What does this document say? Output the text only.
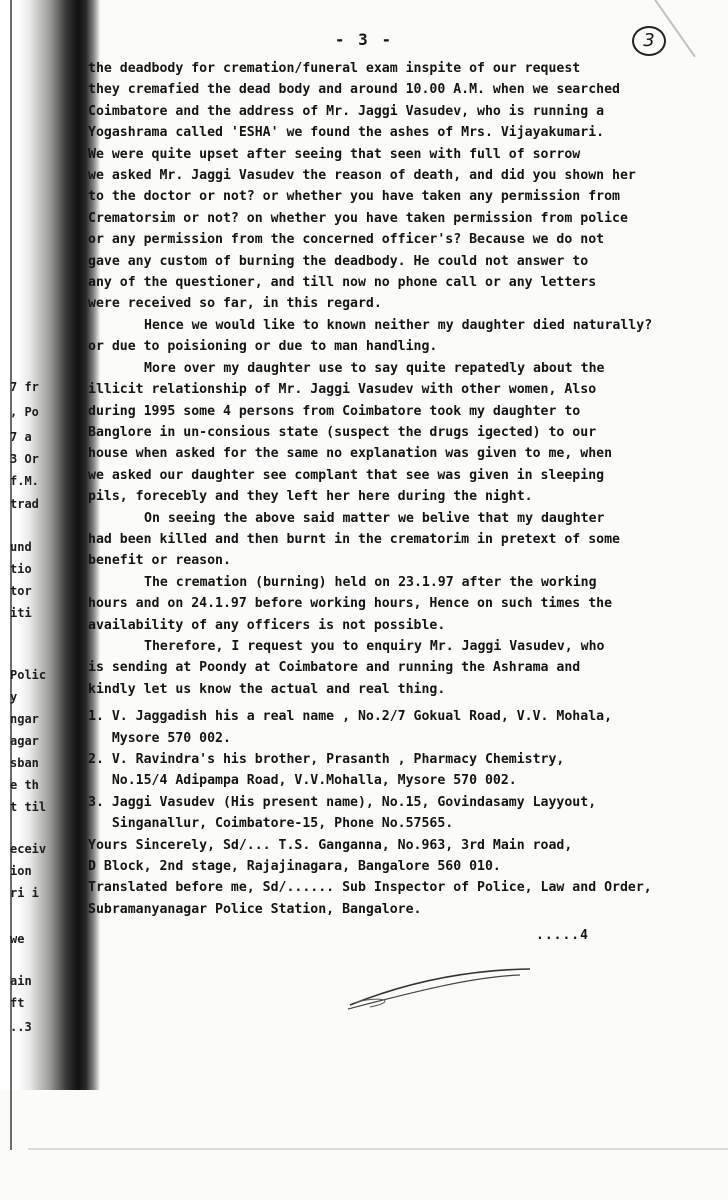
7 fr
, Po
7 a
3 Or
f.M.
trad
und
tio
tor
iti
Polic
y
ngar
agar
sban
e th
t til
eceiv
ion
ri i
we
ain
ft
..3
- 3 -	3

the deadbody for cremation/funeral exam inspite of our request

they cremafied the dead body and around 10.00 A.M. when we searched

Coimbatore and the address of Mr. Jaggi Vasudev, who is running a

Yogashrama called 'ESHA' we found the ashes of Mrs. Vijayakumari.

We were quite upset after seeing that seen with full of sorrow

we asked Mr. Jaggi Vasudev the reason of death, and did you shown her

to the doctor or not? or whether you have taken any permission from

Crematorsim or not? on whether you have taken permission from police

or any permission from the concerned officer's? Because we do not

gave any custom of burning the deadbody. He could not answer to

any of the questioner, and till now no phone call or any letters

were received so far, in this regard.

Hence we would like to known neither my daughter died naturally?

or due to poisioning or due to man handling.

More over my daughter use to say quite repatedly about the

illicit relationship of Mr. Jaggi Vasudev with other women, Also

during 1995 some 4 persons from Coimbatore took my daughter to

Banglore in un-consious state (suspect the drugs igected) to our

house when asked for the same no explanation was given to me, when

we asked our daughter see complant that see was given in sleeping

pils, forecebly and they left her here during the night.

On seeing the above said matter we belive that my daughter

had been killed and then burnt in the crematorim in pretext of some

benefit or reason.

The cremation (burning) held on 23.1.97 after the working

hours and on 24.1.97 before working hours, Hence on such times the

availability of any officers is not possible.

Therefore, I request you to enquiry Mr. Jaggi Vasudev, who

is sending at Poondy at Coimbatore and running the Ashrama and

kindly let us know the actual and real thing.

1. V. Jaggadish his a real name , No.2/7 Gokual Road, V.V. Mohala,

Mysore 570 002.

2. V. Ravindra's his brother, Prasanth , Pharmacy Chemistry,

No.15/4 Adipampa Road, V.V.Mohalla, Mysore 570 002.

3. Jaggi Vasudev (His present name), No.15, Govindasamy Layyout,

Singanallur, Coimbatore-15, Phone No.57565.

Yours Sincerely, Sd/... T.S. Ganganna, No.963, 3rd Main road,

D Block, 2nd stage, Rajajinagara, Bangalore 560 010.

Translated before me, Sd/...... Sub Inspector of Police, Law and Order,

Subramanyanagar Police Station, Bangalore.

.....4
